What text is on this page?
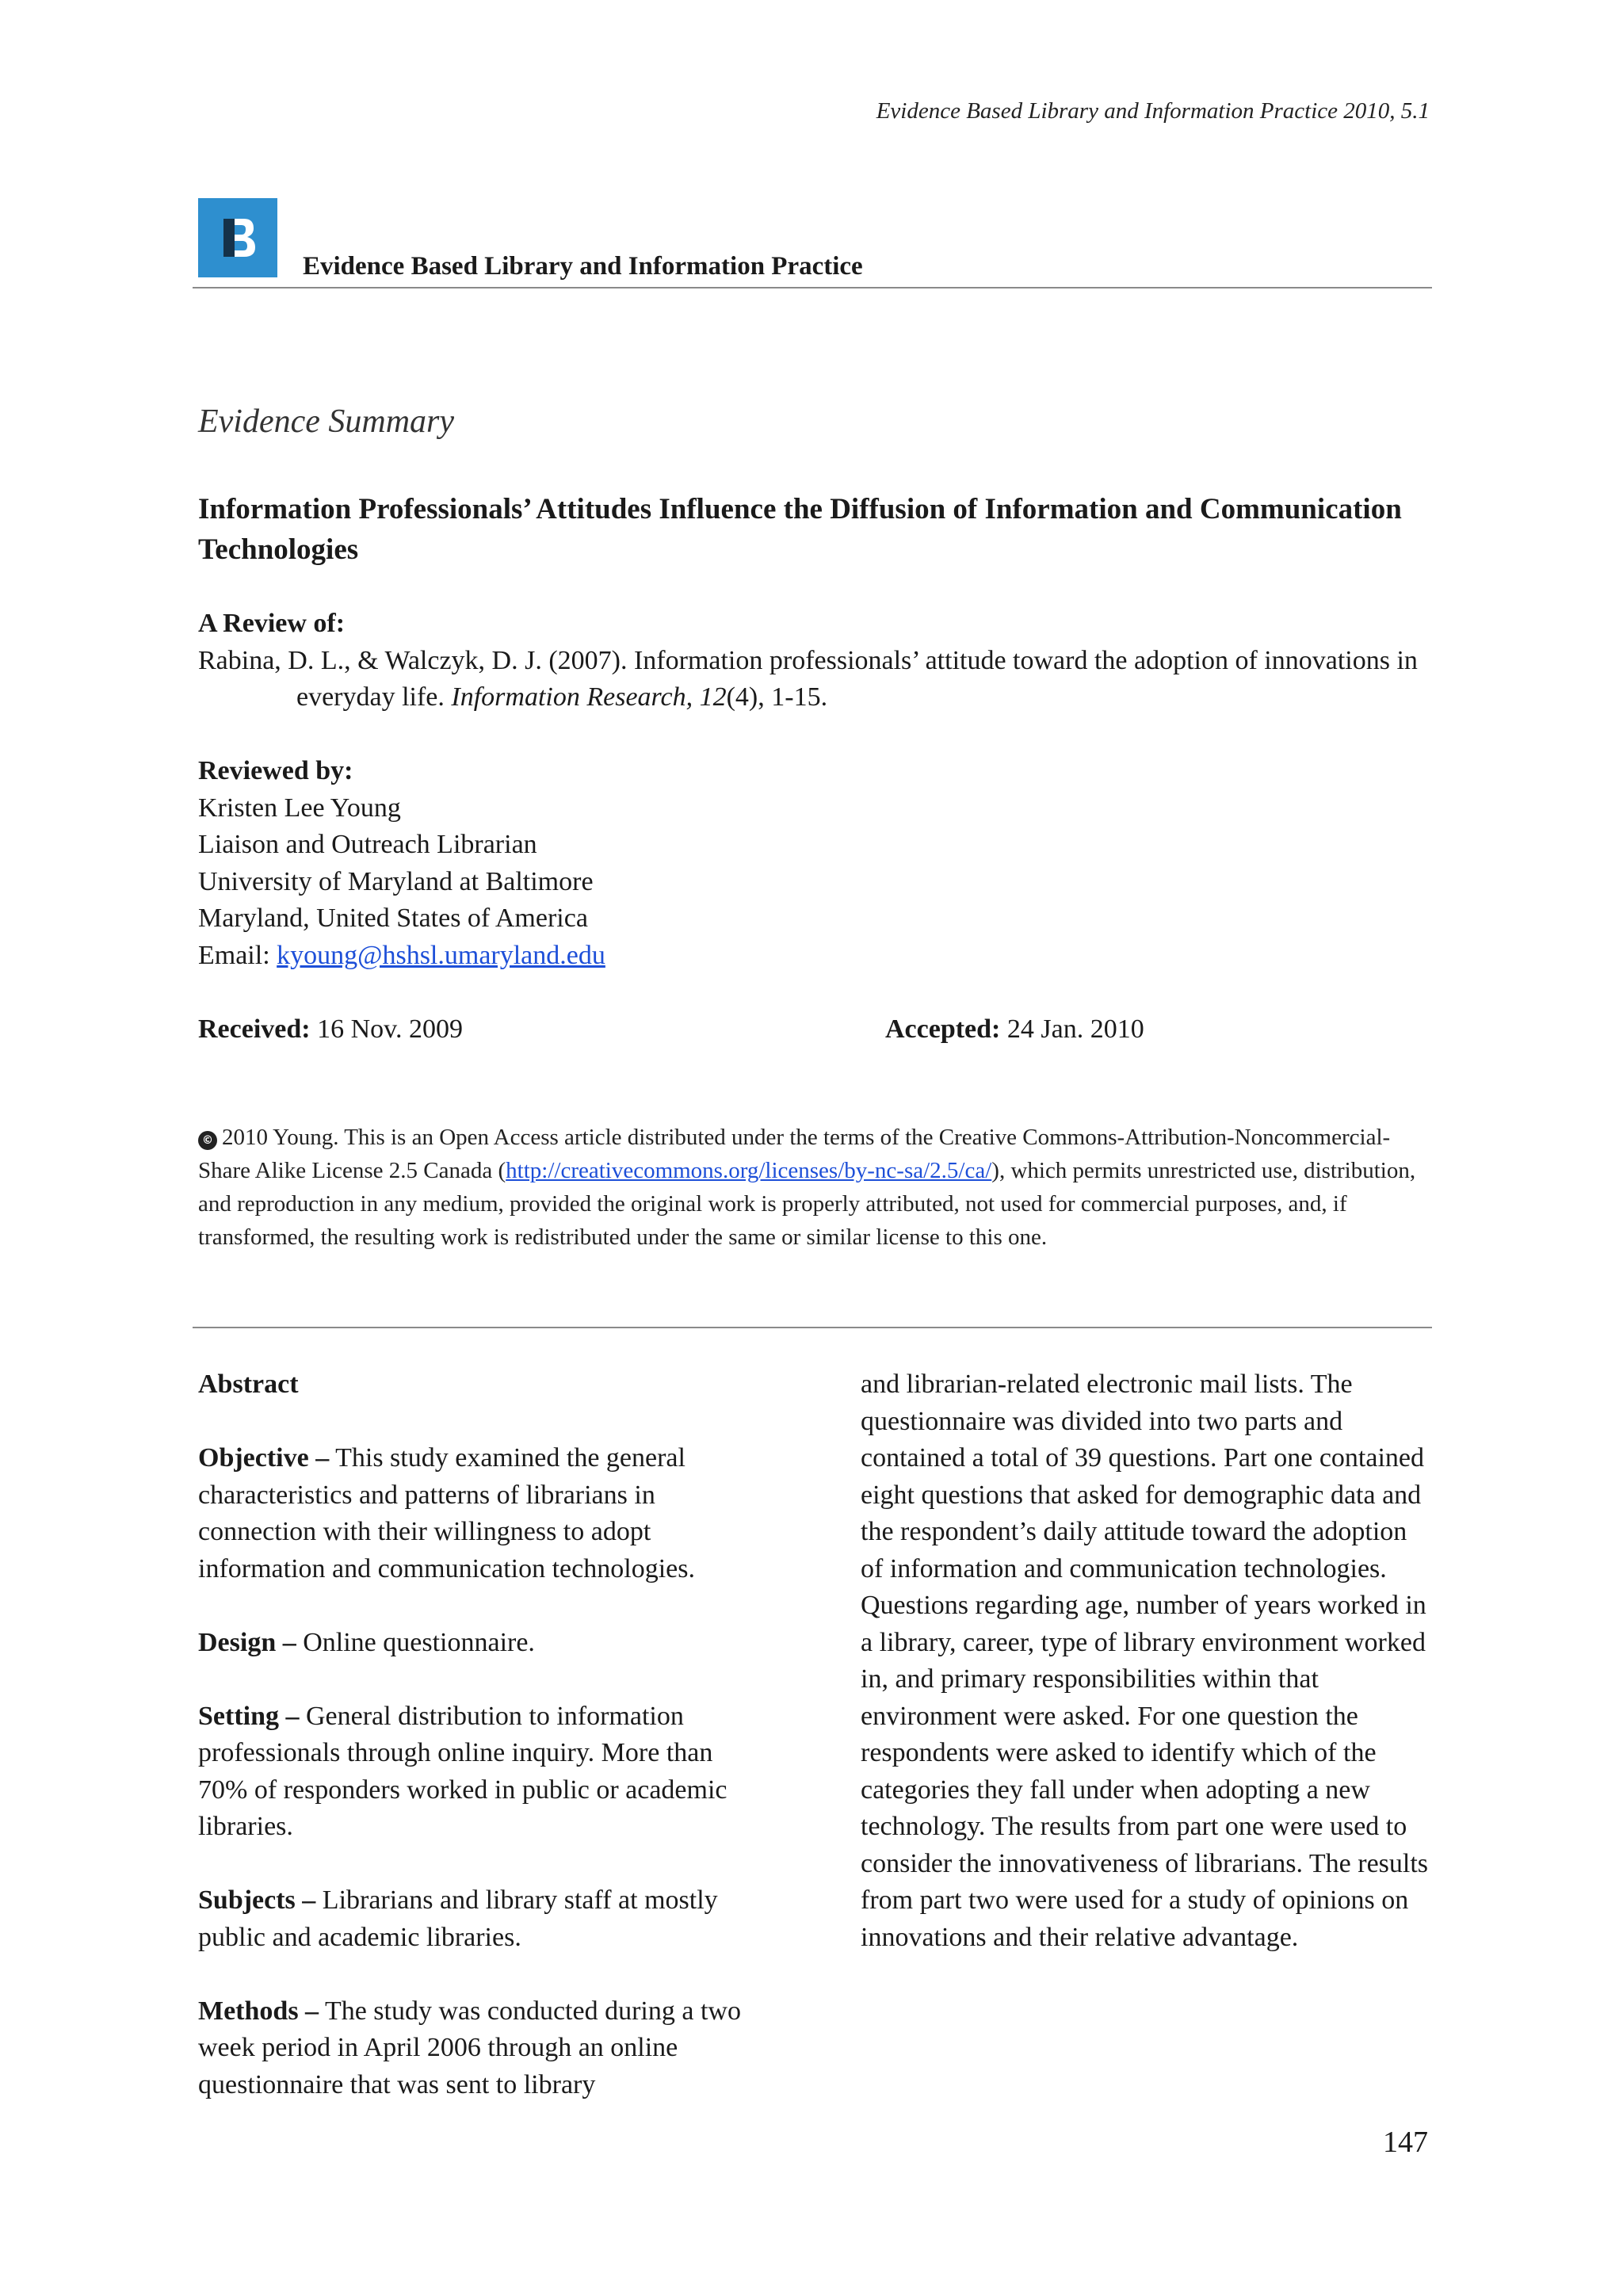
Evidence Based Library and Information Practice 2010, 5.1
Evidence Based Library and Information Practice
Evidence Summary
Information Professionals’ Attitudes Influence the Diffusion of Information and Communication Technologies
A Review of:
Rabina, D. L., & Walczyk, D. J. (2007). Information professionals’ attitude toward the adoption of innovations in everyday life. Information Research, 12(4), 1-15.
Reviewed by:
Kristen Lee Young
Liaison and Outreach Librarian
University of Maryland at Baltimore
Maryland, United States of America
Email: kyoung@hshsl.umaryland.edu
Received: 16 Nov. 2009	Accepted: 24 Jan. 2010
© 2010 Young. This is an Open Access article distributed under the terms of the Creative Commons-Attribution-Noncommercial-Share Alike License 2.5 Canada (http://creativecommons.org/licenses/by-nc-sa/2.5/ca/), which permits unrestricted use, distribution, and reproduction in any medium, provided the original work is properly attributed, not used for commercial purposes, and, if transformed, the resulting work is redistributed under the same or similar license to this one.

Abstract

Objective – This study examined the general characteristics and patterns of librarians in connection with their willingness to adopt information and communication technologies.

Design – Online questionnaire.

Setting – General distribution to information professionals through online inquiry. More than 70% of responders worked in public or academic libraries.

Subjects – Librarians and library staff at mostly public and academic libraries.

Methods – The study was conducted during a two week period in April 2006 through an online questionnaire that was sent to library

and librarian-related electronic mail lists. The questionnaire was divided into two parts and contained a total of 39 questions. Part one contained eight questions that asked for demographic data and the respondent’s daily attitude toward the adoption of information and communication technologies. Questions regarding age, number of years worked in a library, career, type of library environment worked in, and primary responsibilities within that environment were asked. For one question the respondents were asked to identify which of the categories they fall under when adopting a new technology. The results from part one were used to consider the innovativeness of librarians. The results from part two were used for a study of opinions on innovations and their relative advantage.

147
